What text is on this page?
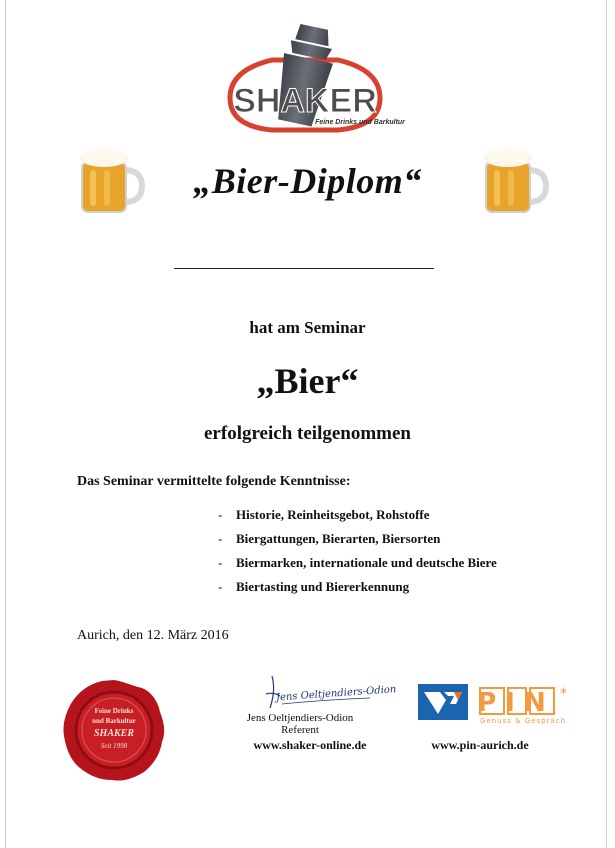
SHAKER
Feine Drinks und Barkultur
„Bier-Diplom“
hat am Seminar
„Bier“
erfolgreich teilgenommen
Das Seminar vermittelte folgende Kenntnisse:
-	Historie, Reinheitsgebot, Rohstoffe
-	Biergattungen, Bierarten, Biersorten
-	Biermarken, internationale und deutsche Biere
-	Biertasting und Biererkennung
Aurich, den 12. März 2016
Feine Drinks
und Barkultur
SHAKER
Seit 1998
Jens Oeltjendiers-Odion
Jens Oeltjendiers-Odion
Referent
www.shaker-online.de
PIN *
Genuss & Gespräch
www.pin-aurich.de
